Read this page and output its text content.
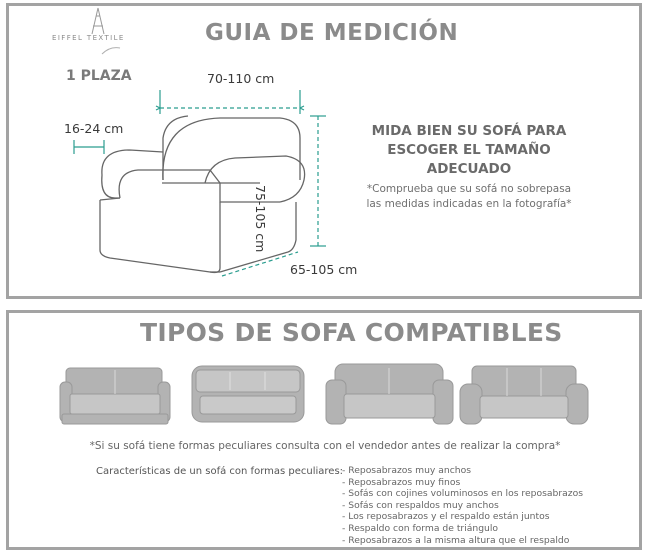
EIFFEL TEXTILE	GUIA DE MEDICIÓN
1 PLAZA	70-110 cm
16-24 cm
75-105 cm
65-105 cm
MIDA BIEN SU SOFÁ PARA
ESCOGER EL TAMAÑO
ADECUADO
*Comprueba que su sofá no sobrepasa
las medidas indicadas en la fotografía*
TIPOS DE SOFA COMPATIBLES
*Si su sofá tiene formas peculiares consulta con el vendedor antes de realizar la compra*
Características de un sofá con formas peculiares:
- Reposabrazos muy anchos
- Reposabrazos muy finos
- Sofás con cojines voluminosos en los reposabrazos
- Sofás con respaldos muy anchos
- Los reposabrazos y el respaldo están juntos
- Respaldo con forma de triángulo
- Reposabrazos a la misma altura que el respaldo
